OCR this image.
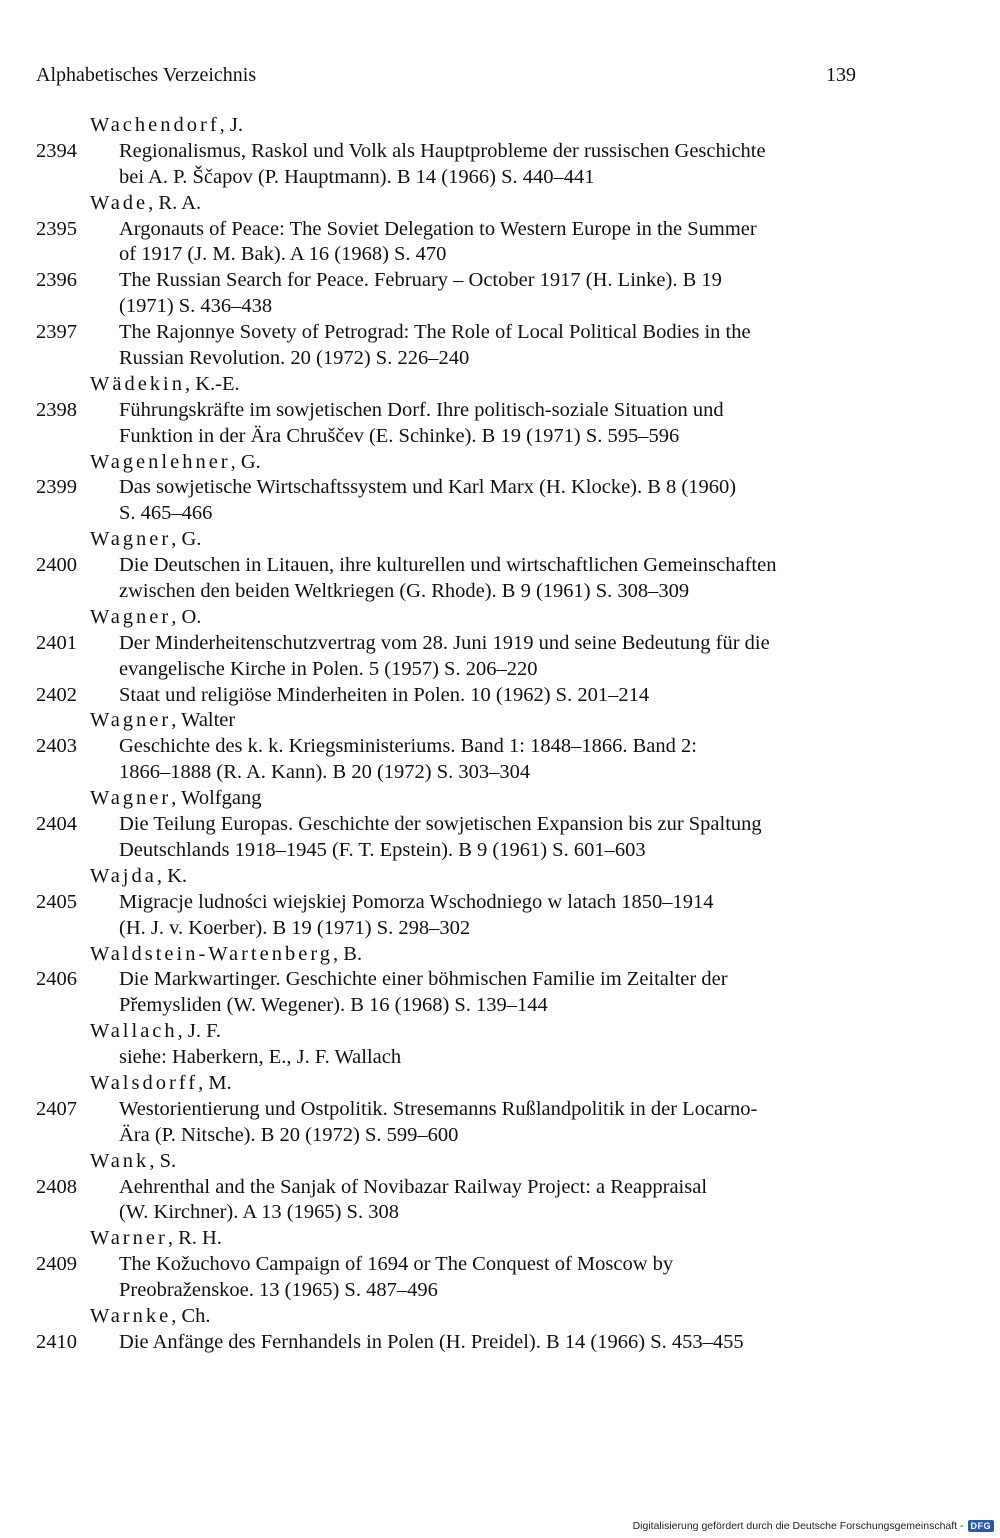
Alphabetisches Verzeichnis	139
Wachendorf, J.
2394 Regionalismus, Raskol und Volk als Hauptprobleme der russischen Geschichte
bei A. P. Ščapov (P. Hauptmann). B 14 (1966) S. 440–441
Wade, R. A.
2395 Argonauts of Peace: The Soviet Delegation to Western Europe in the Summer
of 1917 (J. M. Bak). A 16 (1968) S. 470
2396 The Russian Search for Peace. February – October 1917 (H. Linke). B 19
(1971) S. 436–438
2397 The Rajonnye Sovety of Petrograd: The Role of Local Political Bodies in the
Russian Revolution. 20 (1972) S. 226–240
Wädekin, K.-E.
2398 Führungskräfte im sowjetischen Dorf. Ihre politisch-soziale Situation und
Funktion in der Ära Chruščev (E. Schinke). B 19 (1971) S. 595–596
Wagenlehner, G.
2399 Das sowjetische Wirtschaftssystem und Karl Marx (H. Klocke). B 8 (1960)
S. 465–466
Wagner, G.
2400 Die Deutschen in Litauen, ihre kulturellen und wirtschaftlichen Gemeinschaften
zwischen den beiden Weltkriegen (G. Rhode). B 9 (1961) S. 308–309
Wagner, O.
2401 Der Minderheitenschutzvertrag vom 28. Juni 1919 und seine Bedeutung für die
evangelische Kirche in Polen. 5 (1957) S. 206–220
2402 Staat und religiöse Minderheiten in Polen. 10 (1962) S. 201–214
Wagner, Walter
2403 Geschichte des k. k. Kriegsministeriums. Band 1: 1848–1866. Band 2:
1866–1888 (R. A. Kann). B 20 (1972) S. 303–304
Wagner, Wolfgang
2404 Die Teilung Europas. Geschichte der sowjetischen Expansion bis zur Spaltung
Deutschlands 1918–1945 (F. T. Epstein). B 9 (1961) S. 601–603
Wajda, K.
2405 Migracje ludności wiejskiej Pomorza Wschodniego w latach 1850–1914
(H. J. v. Koerber). B 19 (1971) S. 298–302
Waldstein-Wartenberg, B.
2406 Die Markwartinger. Geschichte einer böhmischen Familie im Zeitalter der
Přemysliden (W. Wegener). B 16 (1968) S. 139–144
Wallach, J. F.
siehe: Haberkern, E., J. F. Wallach
Walsdorff, M.
2407 Westorientierung und Ostpolitik. Stresemanns Rußlandpolitik in der Locarno-
Ära (P. Nitsche). B 20 (1972) S. 599–600
Wank, S.
2408 Aehrenthal and the Sanjak of Novibazar Railway Project: a Reappraisal
(W. Kirchner). A 13 (1965) S. 308
Warner, R. H.
2409 The Kožuchovo Campaign of 1694 or The Conquest of Moscow by
Preobraženskoe. 13 (1965) S. 487–496
Warnke, Ch.
2410 Die Anfänge des Fernhandels in Polen (H. Preidel). B 14 (1966) S. 453–455
Digitalisierung gefördert durch die Deutsche Forschungsgemeinschaft - DFG
